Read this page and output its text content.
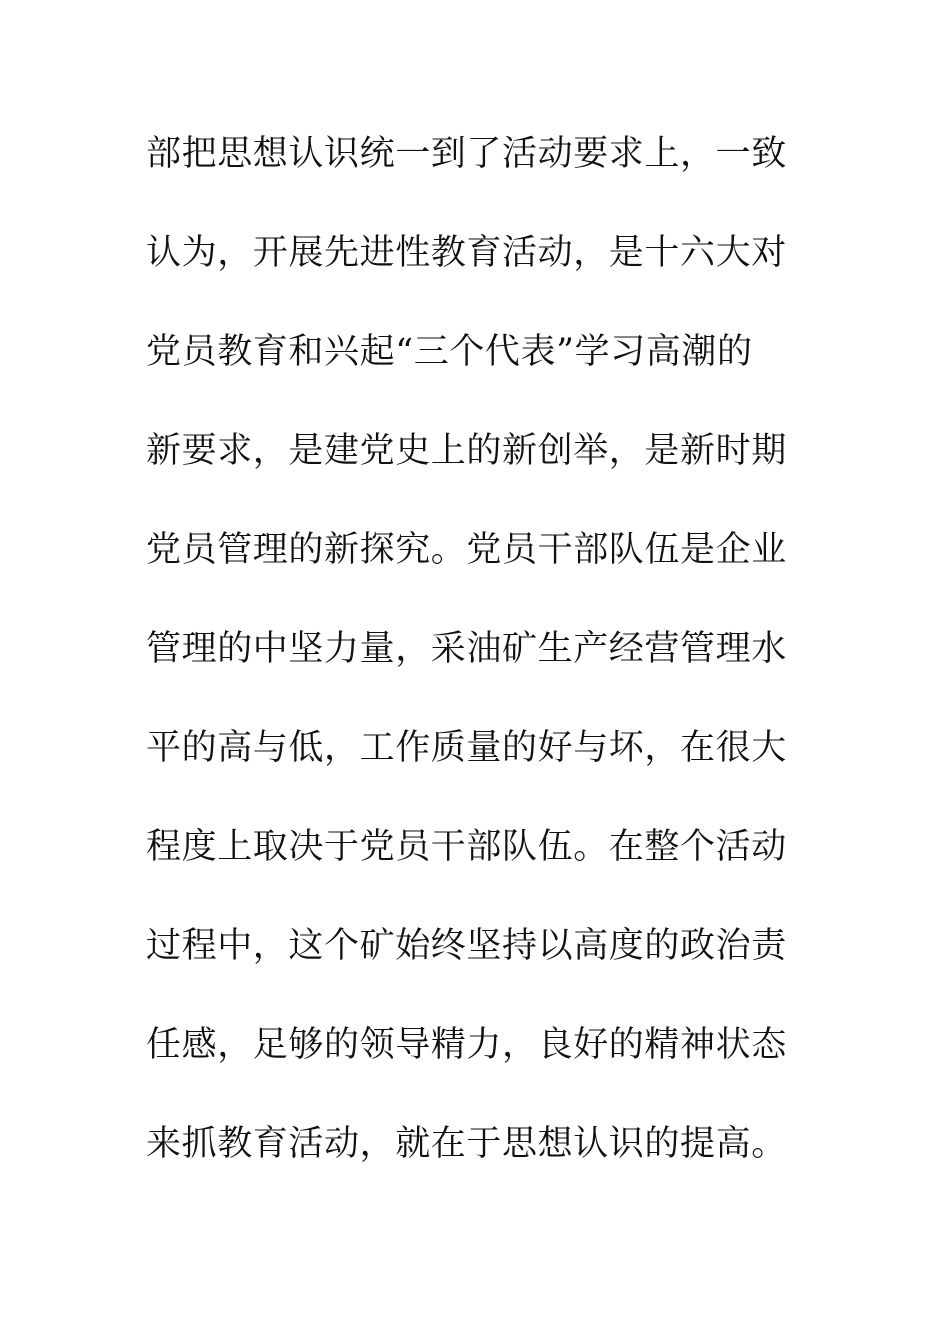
部把思想认识统一到了活动要求上，一致
认为，开展先进性教育活动，是十六大对
党员教育和兴起“三个代表”学习高潮的
新要求，是建党史上的新创举，是新时期
党员管理的新探究。党员干部队伍是企业
管理的中坚力量，采油矿生产经营管理水
平的高与低，工作质量的好与坏，在很大
程度上取决于党员干部队伍。在整个活动
过程中，这个矿始终坚持以高度的政治责
任感，足够的领导精力，良好的精神状态
来抓教育活动，就在于思想认识的提高。
